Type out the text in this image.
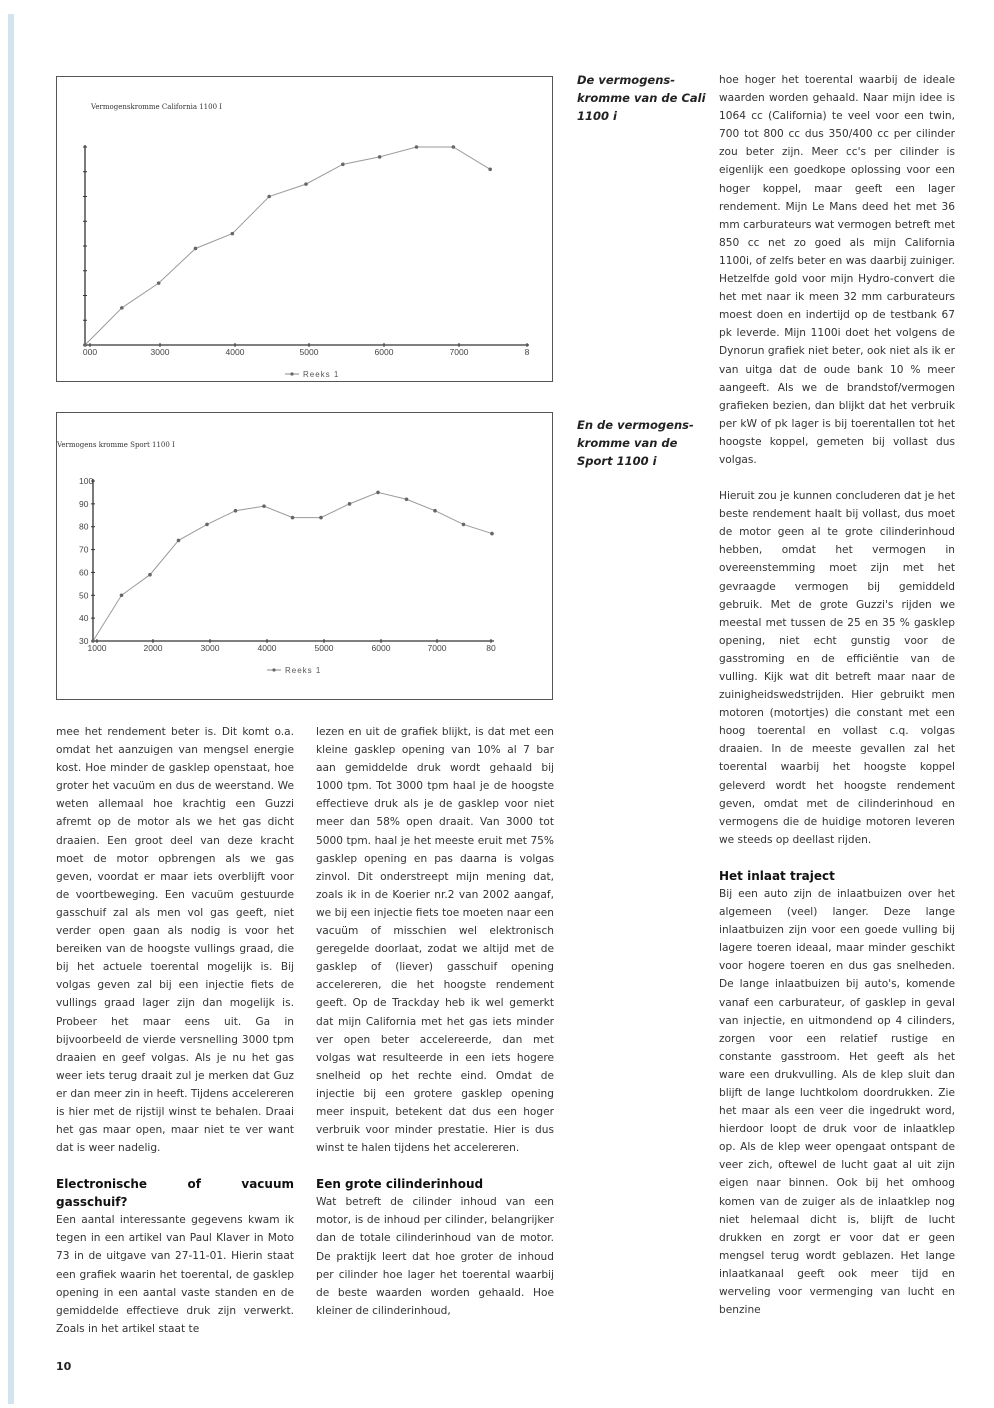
Vermogenskromme California 1100 I
000	3000	4000	5000	6000	7000	8
Reeks 1
De vermogens-kromme van de Cali 1100 i
Vermogens kromme Sport 1100 I
30
40
50
60
70
80
90
100
1000	2000	3000	4000	5000	6000	7000	80
Reeks 1
En de vermogens-kromme van de Sport 1100 i

mee het rendement beter is. Dit komt o.a. omdat het aanzuigen van mengsel energie kost. Hoe minder de gasklep openstaat, hoe groter het vacuüm en dus de weerstand. We weten allemaal hoe krachtig een Guzzi afremt op de motor als we het gas dicht draaien. Een groot deel van deze kracht moet de motor opbrengen als we gas geven, voordat er maar iets overblijft voor de voortbeweging. Een vacuüm gestuurde gasschuif zal als men vol gas geeft, niet verder open gaan als nodig is voor het bereiken van de hoogste vullings graad, die bij het actuele toerental mogelijk is. Bij volgas geven zal bij een injectie fiets de vullings graad lager zijn dan mogelijk is. Probeer het maar eens uit. Ga in bijvoorbeeld de vierde versnelling 3000 tpm draaien en geef volgas. Als je nu het gas weer iets terug draait zul je merken dat Guz er dan meer zin in heeft. Tijdens accelereren is hier met de rijstijl winst te behalen. Draai het gas maar open, maar niet te ver want dat is weer nadelig.

Electronische of vacuum gasschuif?

Een aantal interessante gegevens kwam ik tegen in een artikel van Paul Klaver in Moto 73 in de uitgave van 27-11-01. Hierin staat een grafiek waarin het toerental, de gasklep opening in een aantal vaste standen en de gemiddelde effectieve druk zijn verwerkt. Zoals in het artikel staat te

lezen en uit de grafiek blijkt, is dat met een kleine gasklep opening van 10% al 7 bar aan gemiddelde druk wordt gehaald bij 1000 tpm. Tot 3000 tpm haal je de hoogste effectieve druk als je de gasklep voor niet meer dan 58% open draait. Van 3000 tot 5000 tpm. haal je het meeste eruit met 75% gasklep opening en pas daarna is volgas zinvol. Dit onderstreept mijn mening dat, zoals ik in de Koerier nr.2 van 2002 aangaf, we bij een injectie fiets toe moeten naar een vacuüm of misschien wel elektronisch geregelde doorlaat, zodat we altijd met de gasklep of (liever) gasschuif opening accelereren, die het hoogste rendement geeft. Op de Trackday heb ik wel gemerkt dat mijn California met het gas iets minder ver open beter accelereerde, dan met volgas wat resulteerde in een iets hogere snelheid op het rechte eind. Omdat de injectie bij een grotere gasklep opening meer inspuit, betekent dat dus een hoger verbruik voor minder prestatie. Hier is dus winst te halen tijdens het accelereren.

Een grote cilinderinhoud

Wat betreft de cilinder inhoud van een motor, is de inhoud per cilinder, belangrijker dan de totale cilinderinhoud van de motor. De praktijk leert dat hoe groter de inhoud per cilinder hoe lager het toerental waarbij de beste waarden worden gehaald. Hoe kleiner de cilinderinhoud,

hoe hoger het toerental waarbij de ideale waarden worden gehaald. Naar mijn idee is 1064 cc (California) te veel voor een twin, 700 tot 800 cc dus 350/400 cc per cilinder zou beter zijn. Meer cc's per cilinder is eigenlijk een goedkope oplossing voor een hoger koppel, maar geeft een lager rendement. Mijn Le Mans deed het met 36 mm carburateurs wat vermogen betreft met 850 cc net zo goed als mijn California 1100i, of zelfs beter en was daarbij zuiniger. Hetzelfde gold voor mijn Hydro-convert die het met naar ik meen 32 mm carburateurs moest doen en indertijd op de testbank 67 pk leverde. Mijn 1100i doet het volgens de Dynorun grafiek niet beter, ook niet als ik er van uitga dat de oude bank 10 % meer aangeeft. Als we de brandstof/vermogen grafieken bezien, dan blijkt dat het verbruik per kW of pk lager is bij toerentallen tot het hoogste koppel, gemeten bij vollast dus volgas.

Hieruit zou je kunnen concluderen dat je het beste rendement haalt bij vollast, dus moet de motor geen al te grote cilinderinhoud hebben, omdat het vermogen in overeenstemming moet zijn met het gevraagde vermogen bij gemiddeld gebruik. Met de grote Guzzi's rijden we meestal met tussen de 25 en 35 % gasklep opening, niet echt gunstig voor de gasstroming en de efficiëntie van de vulling. Kijk wat dit betreft maar naar de zuinigheidswedstrijden. Hier gebruikt men motoren (motortjes) die constant met een hoog toerental en vollast c.q. volgas draaien. In de meeste gevallen zal het toerental waarbij het hoogste koppel geleverd wordt het hoogste rendement geven, omdat met de cilinderinhoud en vermogens die de huidige motoren leveren we steeds op deellast rijden.

Het inlaat traject

Bij een auto zijn de inlaatbuizen over het algemeen (veel) langer. Deze lange inlaatbuizen zijn voor een goede vulling bij lagere toeren ideaal, maar minder geschikt voor hogere toeren en dus gas snelheden. De lange inlaatbuizen bij auto's, komende vanaf een carburateur, of gasklep in geval van injectie, en uitmondend op 4 cilinders, zorgen voor een relatief rustige en constante gasstroom. Het geeft als het ware een drukvulling. Als de klep sluit dan blijft de lange luchtkolom doordrukken. Zie het maar als een veer die ingedrukt word, hierdoor loopt de druk voor de inlaatklep op. Als de klep weer opengaat ontspant de veer zich, oftewel de lucht gaat al uit zijn eigen naar binnen. Ook bij het omhoog komen van de zuiger als de inlaatklep nog niet helemaal dicht is, blijft de lucht drukken en zorgt er voor dat er geen mengsel terug wordt geblazen. Het lange inlaatkanaal geeft ook meer tijd en werveling voor vermenging van lucht en benzine

10
